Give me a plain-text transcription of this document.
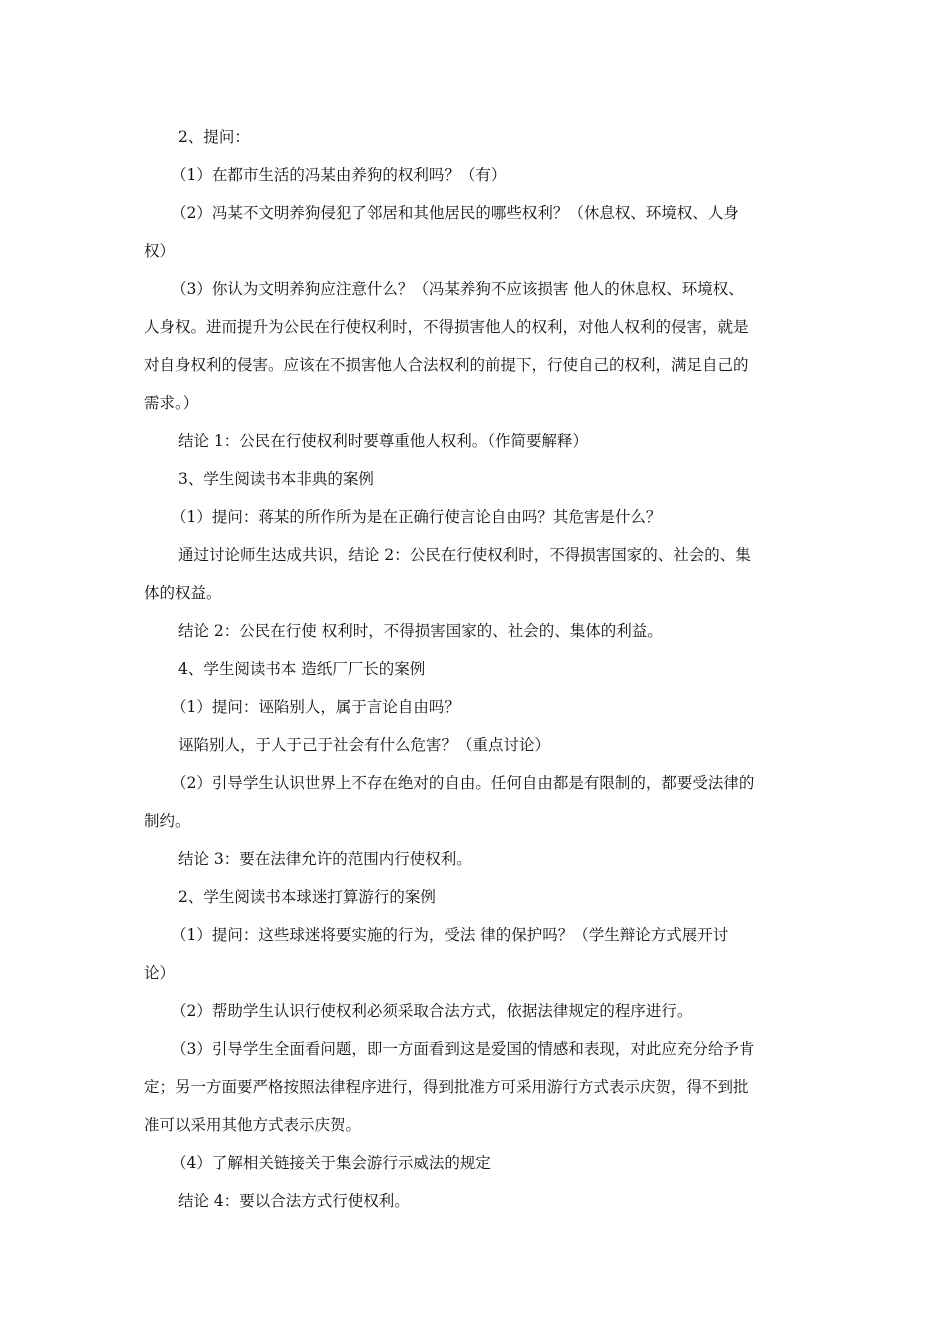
2、提问：
（1）在都市生活的冯某由养狗的权利吗？（有）
（2）冯某不文明养狗侵犯了邻居和其他居民的哪些权利？（休息权、环境权、人身
权）
（3）你认为文明养狗应注意什么？（冯某养狗不应该损害 他人的休息权、环境权、
人身权。进而提升为公民在行使权利时，不得损害他人的权利，对他人权利的侵害，就是
对自身权利的侵害。应该在不损害他人合法权利的前提下，行使自己的权利，满足自己的
需求。）
结论 1：公民在行使权利时要尊重他人权利。（作简要解释）
3、学生阅读书本非典的案例
（1）提问：蒋某的所作所为是在正确行使言论自由吗？其危害是什么？
通过讨论师生达成共识，结论 2：公民在行使权利时，不得损害国家的、社会的、集
体的权益。
结论 2：公民在行使 权利时，不得损害国家的、社会的、集体的利益。
4、学生阅读书本 造纸厂厂长的案例
（1）提问：诬陷别人，属于言论自由吗？
诬陷别人，于人于己于社会有什么危害？（重点讨论）
（2）引导学生认识世界上不存在绝对的自由。任何自由都是有限制的，都要受法律的
制约。
结论 3：要在法律允许的范围内行使权利。
2、学生阅读书本球迷打算游行的案例
（1）提问：这些球迷将要实施的行为，受法 律的保护吗？（学生辩论方式展开讨
论）
（2）帮助学生认识行使权利必须采取合法方式，依据法律规定的程序进行。
（3）引导学生全面看问题，即一方面看到这是爱国的情感和表现，对此应充分给予肯
定；另一方面要严格按照法律程序进行，得到批准方可采用游行方式表示庆贺，得不到批
准可以采用其他方式表示庆贺。
（4）了解相关链接关于集会游行示威法的规定
结论 4：要以合法方式行使权利。
